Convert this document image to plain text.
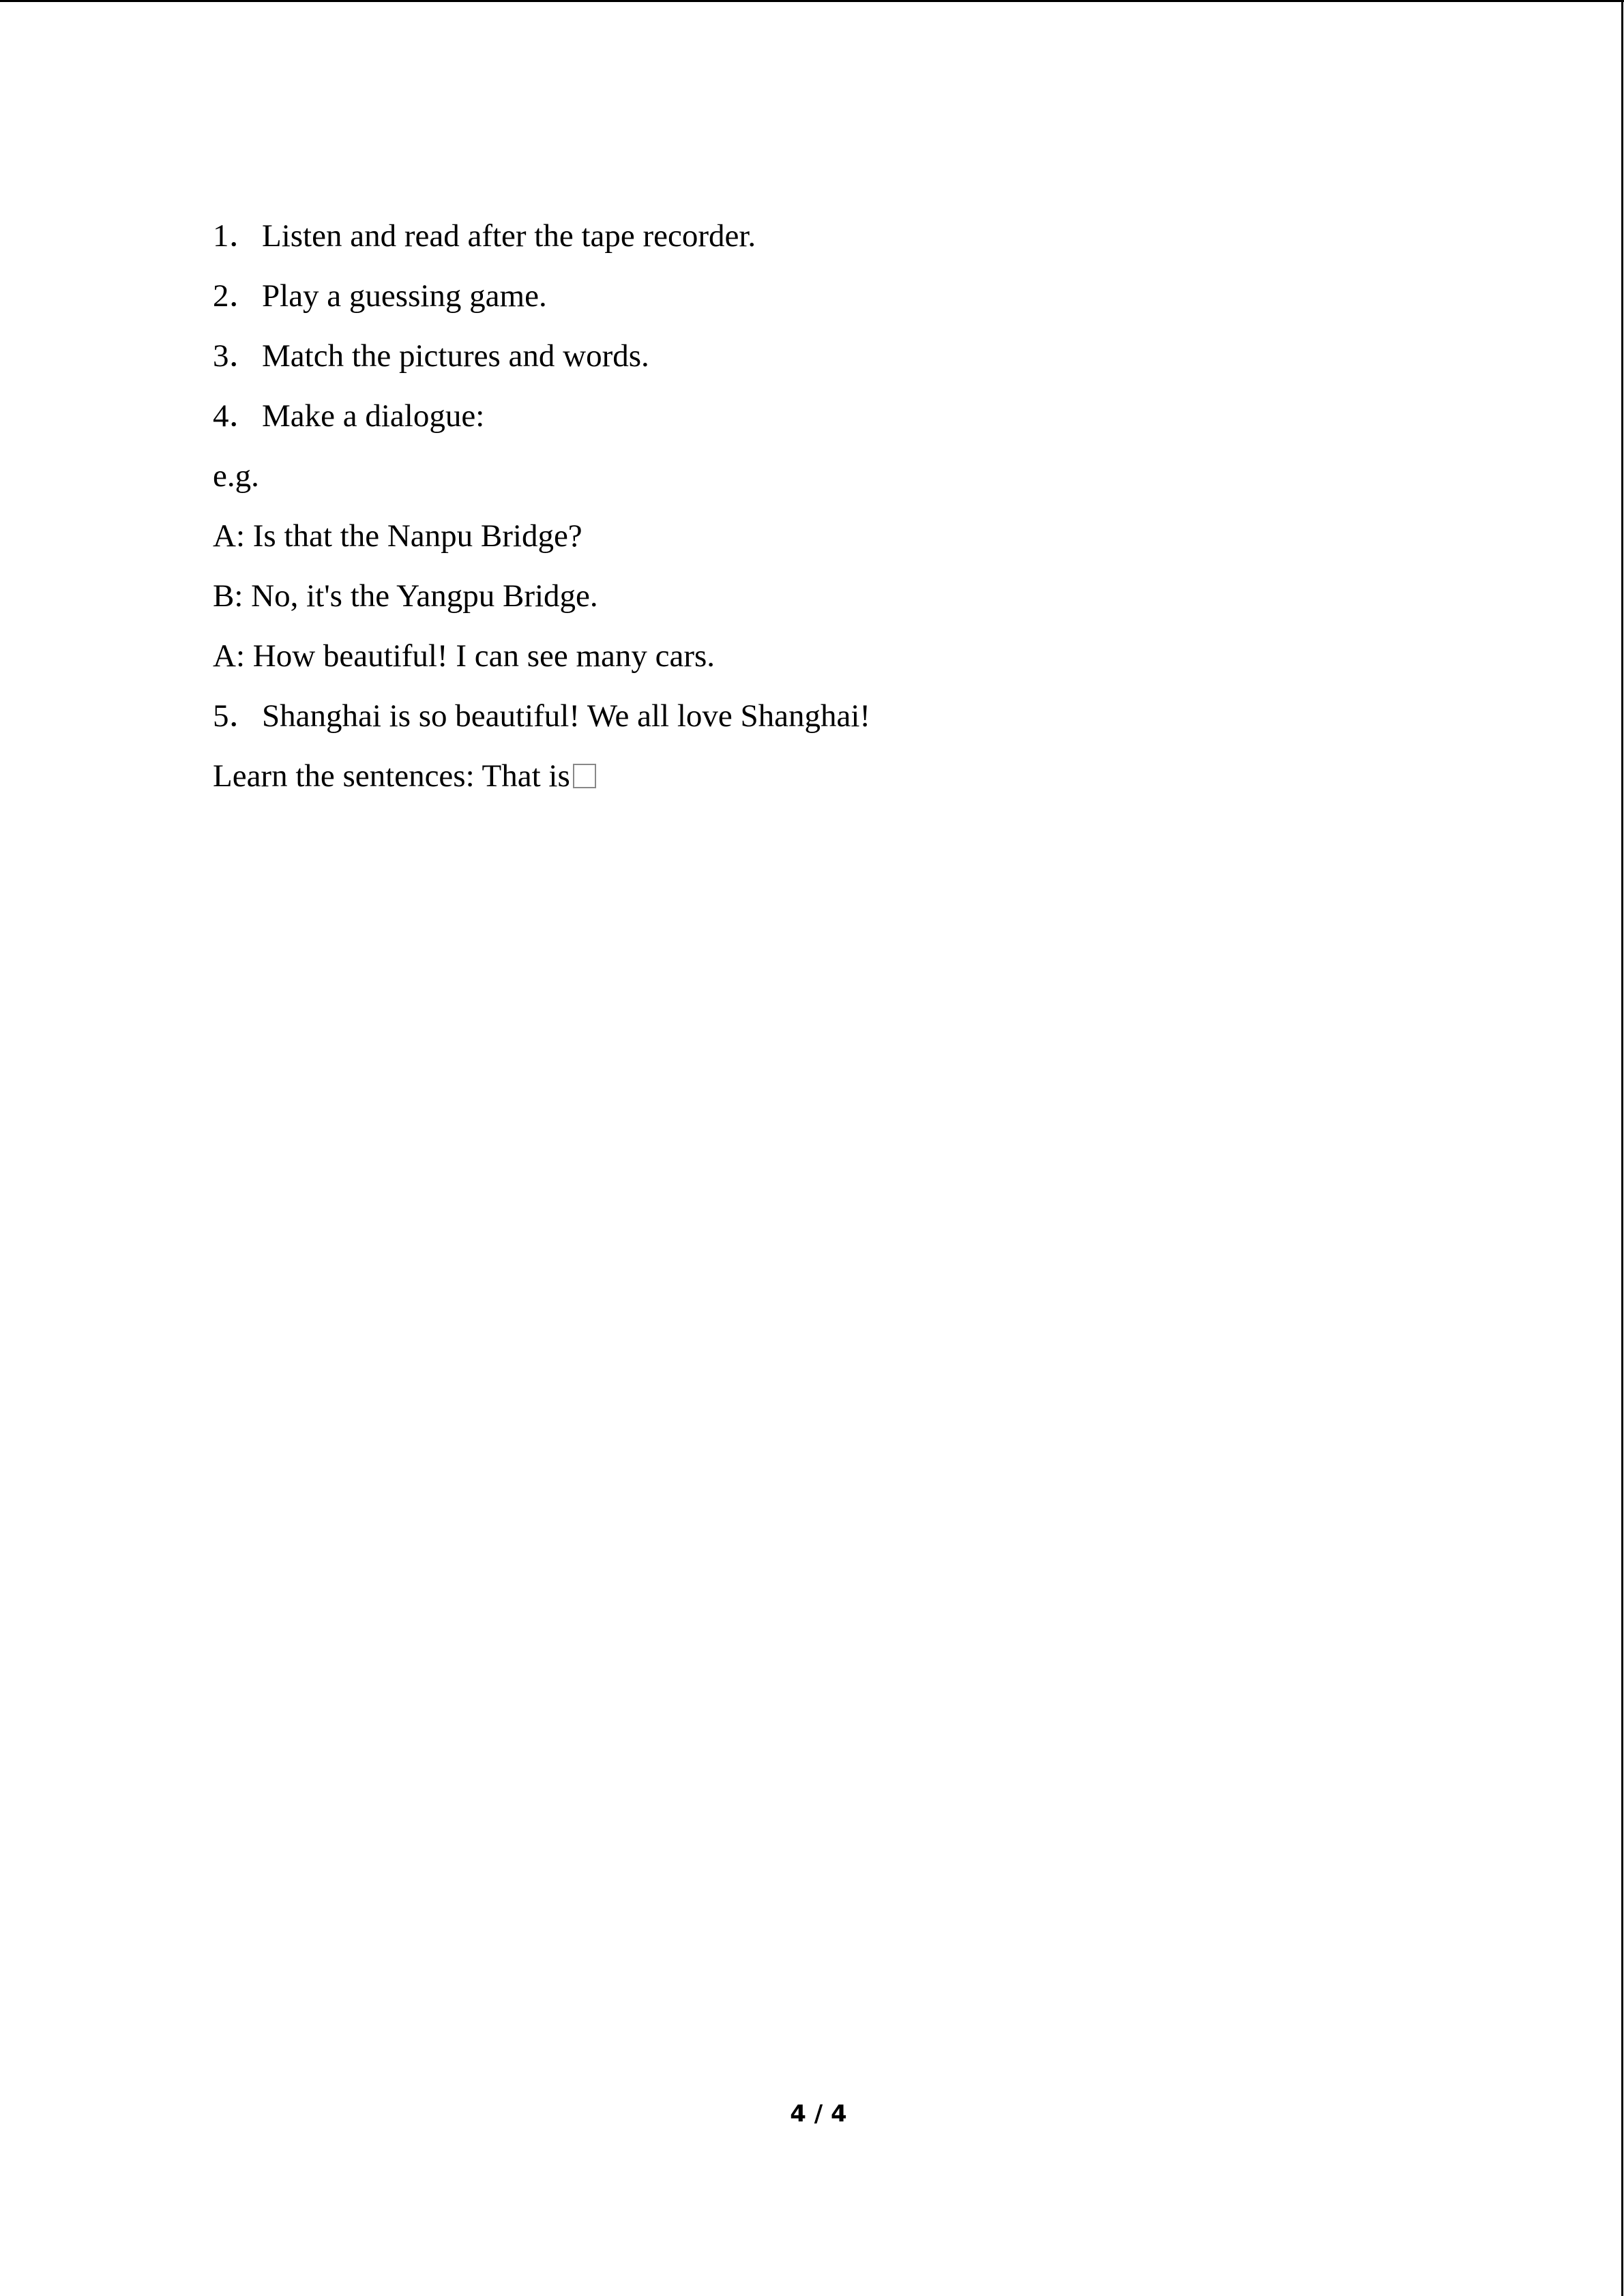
1．Listen and read after the tape recorder.
2．Play a guessing game.
3．Match the pictures and words.
4．Make a dialogue:
e.g.
A: Is that the Nanpu Bridge?
B: No, it's the Yangpu Bridge.
A: How beautiful! I can see many cars.
5．Shanghai is so beautiful! We all love Shanghai!
Learn the sentences: That is
4 / 4
